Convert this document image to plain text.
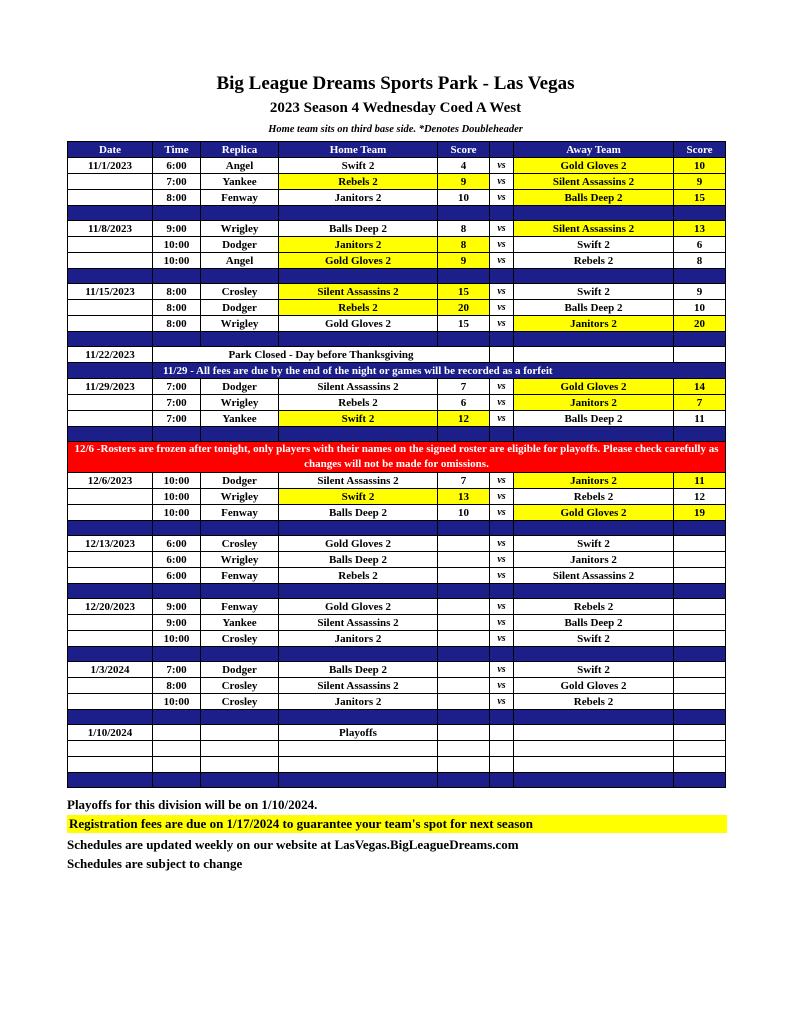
Big League Dreams Sports Park - Las Vegas
2023 Season 4 Wednesday Coed A West
Home team sits on third base side. *Denotes Doubleheader
Date	Time	Replica	Home Team	Score		Away Team	Score
11/1/2023	6:00	Angel	Swift 2	4	vs	Gold Gloves 2	10
	7:00	Yankee	Rebels 2	9	vs	Silent Assassins 2	9
	8:00	Fenway	Janitors 2	10	vs	Balls Deep 2	15

11/8/2023	9:00	Wrigley	Balls Deep 2	8	vs	Silent Assassins 2	13
	10:00	Dodger	Janitors 2	8	vs	Swift 2	6
	10:00	Angel	Gold Gloves 2	9	vs	Rebels 2	8

11/15/2023	8:00	Crosley	Silent Assassins 2	15	vs	Swift 2	9
	8:00	Dodger	Rebels 2	20	vs	Balls Deep 2	10
	8:00	Wrigley	Gold Gloves 2	15	vs	Janitors 2	20

11/22/2023	Park Closed - Day before Thanksgiving						
	11/29 - All fees are due by the end of the night or games will be recorded as a forfeit						
11/29/2023	7:00	Dodger	Silent Assassins 2	7	vs	Gold Gloves 2	14
	7:00	Wrigley	Rebels 2	6	vs	Janitors 2	7
	7:00	Yankee	Swift 2	12	vs	Balls Deep 2	11

12/6 -Rosters are frozen after tonight, only players with their names on the signed roster are eligible for playoffs. Please check carefully as changes will not be made for omissions.							
12/6/2023	10:00	Dodger	Silent Assassins 2	7	vs	Janitors 2	11
	10:00	Wrigley	Swift 2	13	vs	Rebels 2	12
	10:00	Fenway	Balls Deep 2	10	vs	Gold Gloves 2	19

12/13/2023	6:00	Crosley	Gold Gloves 2		vs	Swift 2	
	6:00	Wrigley	Balls Deep 2		vs	Janitors 2	
	6:00	Fenway	Rebels 2		vs	Silent Assassins 2	

12/20/2023	9:00	Fenway	Gold Gloves 2		vs	Rebels 2	
	9:00	Yankee	Silent Assassins 2		vs	Balls Deep 2	
	10:00	Crosley	Janitors 2		vs	Swift 2	

1/3/2024	7:00	Dodger	Balls Deep 2		vs	Swift 2	
	8:00	Crosley	Silent Assassins 2		vs	Gold Gloves 2	
	10:00	Crosley	Janitors 2		vs	Rebels 2	

1/10/2024			Playoffs				

Playoffs for this division will be on 1/10/2024.
Registration fees are due on 1/17/2024 to guarantee your team's spot for next season
Schedules are updated weekly on our website at LasVegas.BigLeagueDreams.com
Schedules are subject to change
